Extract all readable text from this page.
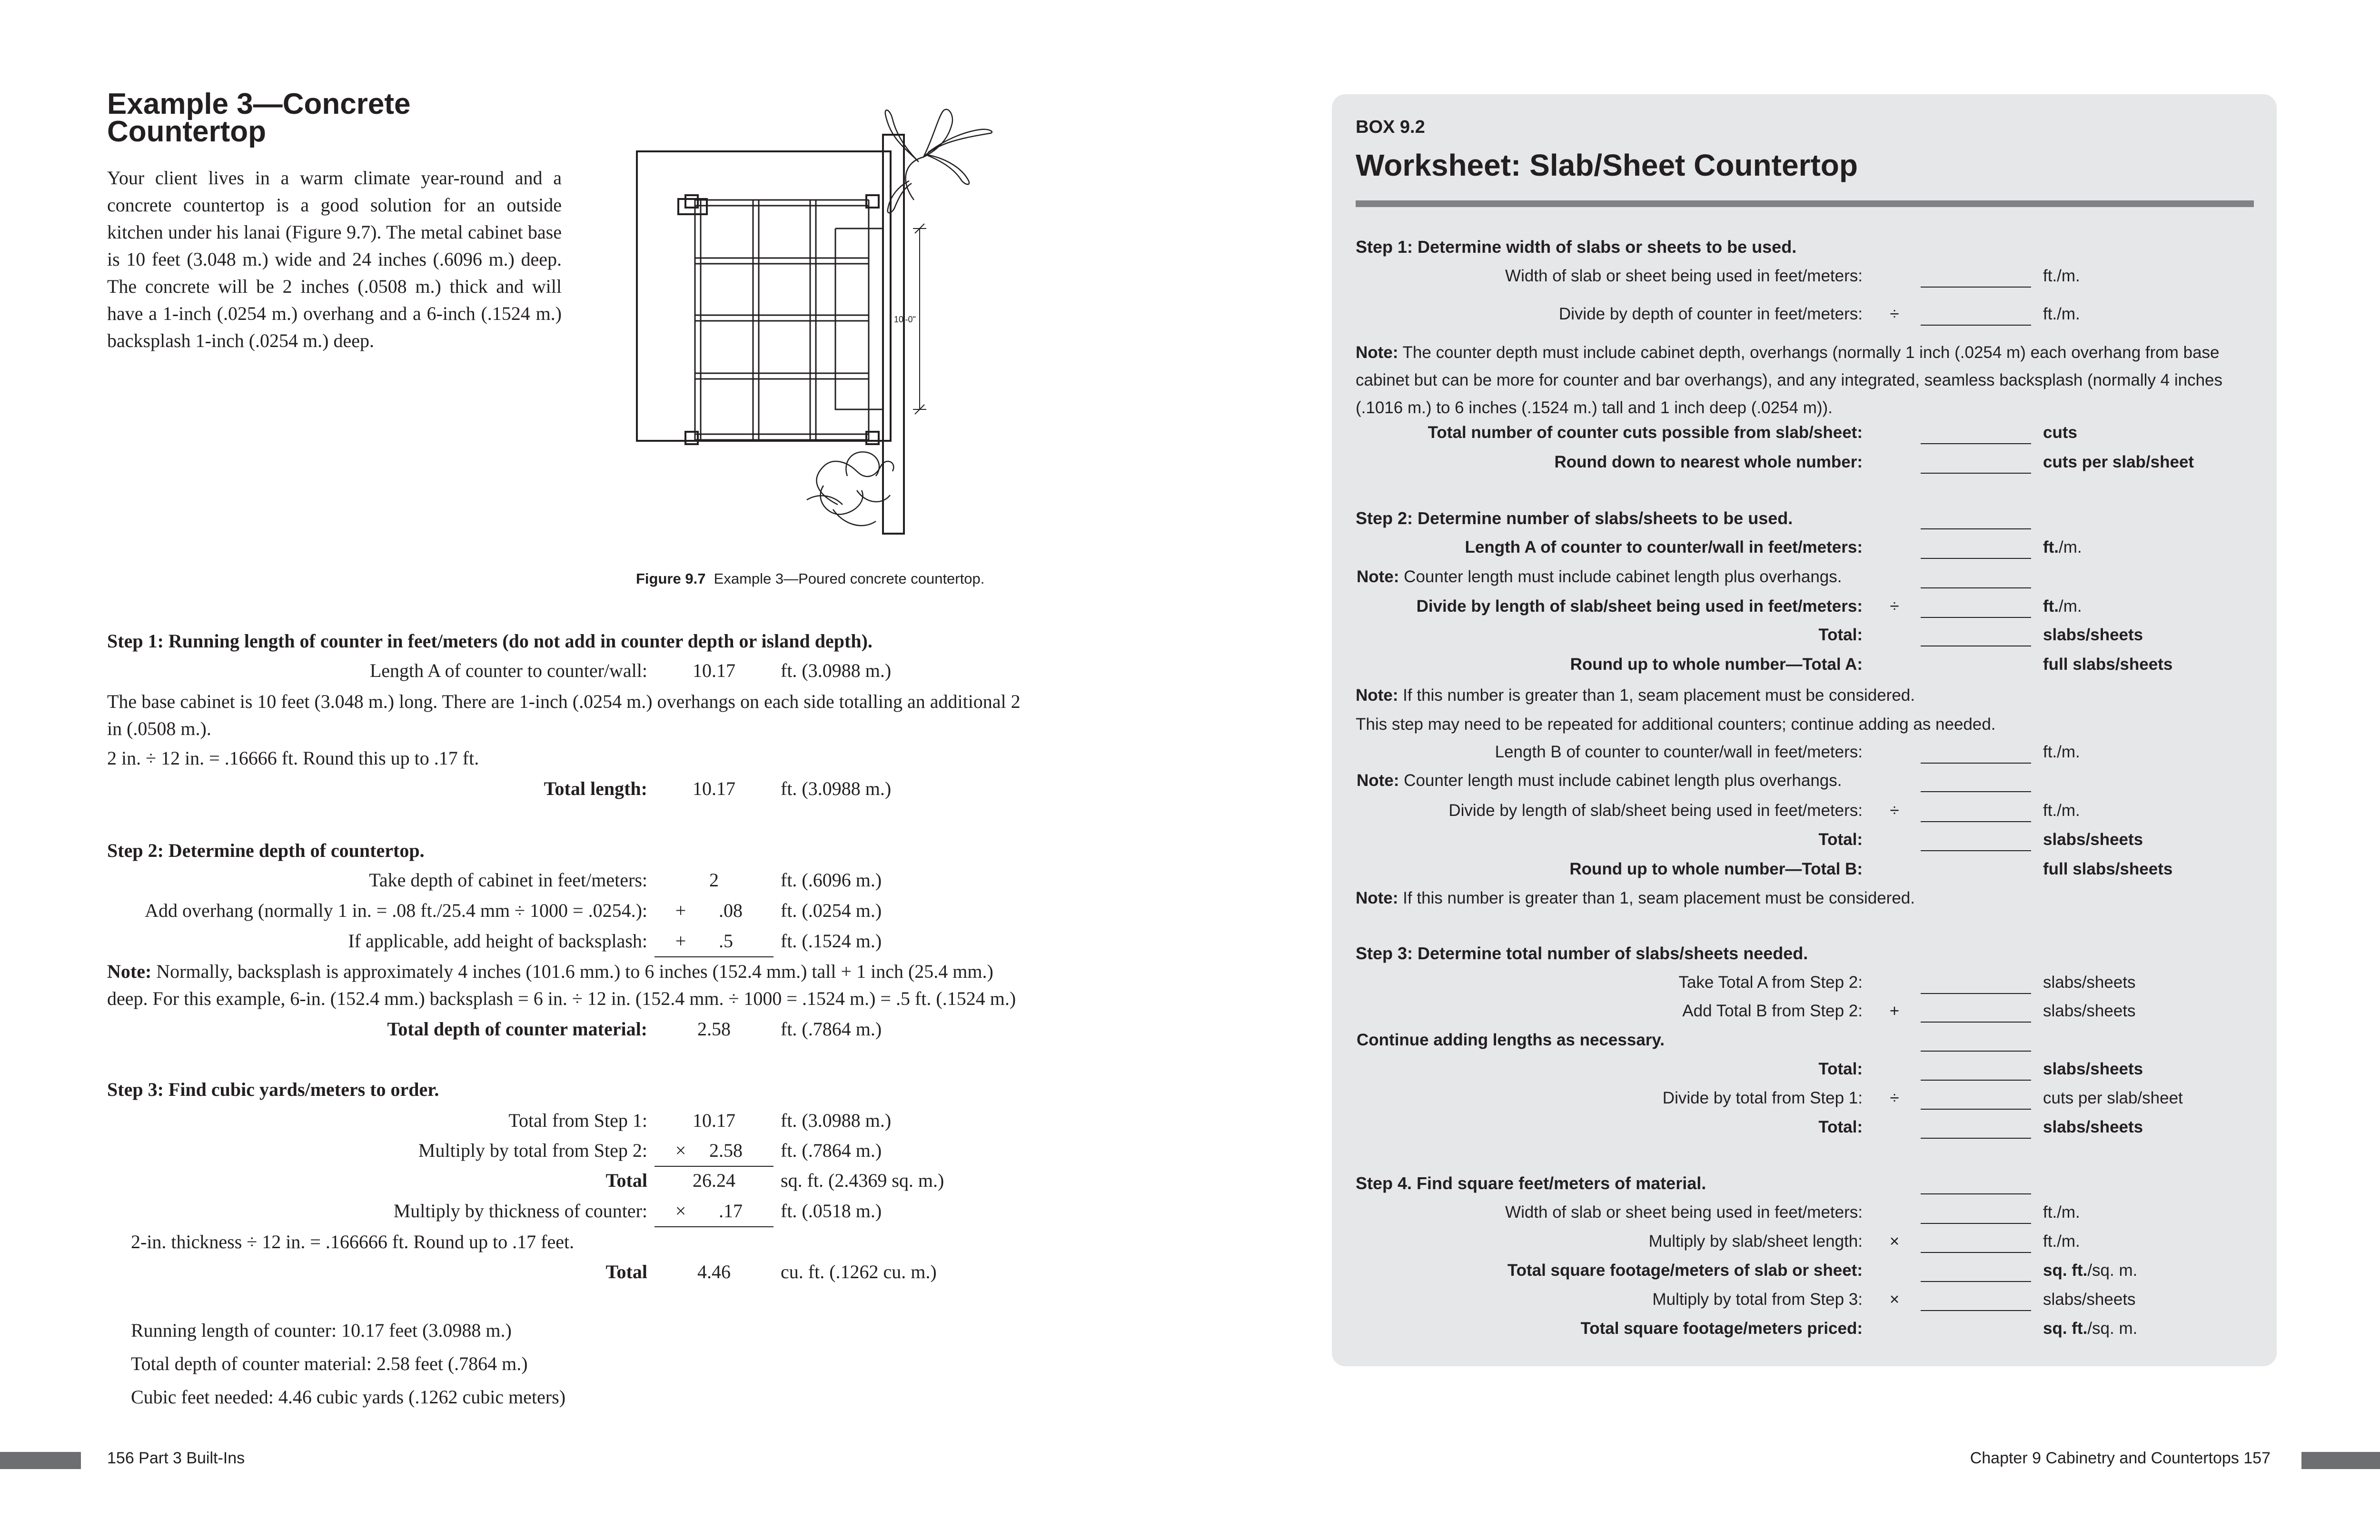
Example 3—Concrete
Countertop
Your client lives in a warm climate year-round and a concrete countertop is a good solution for an outside kitchen under his lanai (Figure 9.7). The metal cabinet base is 10 feet (3.048 m.) wide and 24 inches (.6096 m.) deep. The concrete will be 2 inches (.0508 m.) thick and will have a 1-inch (.0254 m.) overhang and a 6-inch (.1524 m.) backsplash 1-inch (.0254 m.) deep.
10'-0"
Figure 9.7 Example 3—Poured concrete countertop.
Step 1: Running length of counter in feet/meters (do not add in counter depth or island depth).
Length A of counter to counter/wall:	10.17	ft. (3.0988 m.)
The base cabinet is 10 feet (3.048 m.) long. There are 1-inch (.0254 m.) overhangs on each side totalling an additional 2 in (.0508 m.).
2 in. ÷ 12 in. = .16666 ft. Round this up to .17 ft.
Total length:	10.17	ft. (3.0988 m.)
Step 2: Determine depth of countertop.
Take depth of cabinet in feet/meters:	2	ft. (.6096 m.)
Add overhang (normally 1 in. = .08 ft./25.4 mm ÷ 1000 = .0254.):	+	.08 ft. (.0254 m.)
If applicable, add height of backsplash:	+	.5	ft. (.1524 m.)
Note: Normally, backsplash is approximately 4 inches (101.6 mm.) to 6 inches (152.4 mm.) tall + 1 inch (25.4 mm.) deep. For this example, 6-in. (152.4 mm.) backsplash = 6 in. ÷ 12 in. (152.4 mm. ÷ 1000 = .1524 m.) = .5 ft. (.1524 m.)
Total depth of counter material:	2.58	ft. (.7864 m.)
Step 3: Find cubic yards/meters to order.
Total from Step 1:	10.17	ft. (3.0988 m.)
Multiply by total from Step 2:	×	2.58 ft. (.7864 m.)
Total	26.24	sq. ft. (2.4369 sq. m.)
Multiply by thickness of counter:	×	.17 ft. (.0518 m.)
2-in. thickness ÷ 12 in. = .166666 ft. Round up to .17 feet.
Total	4.46	cu. ft. (.1262 cu. m.)
Running length of counter: 10.17 feet (3.0988 m.)
Total depth of counter material: 2.58 feet (.7864 m.)
Cubic feet needed: 4.46 cubic yards (.1262 cubic meters)
156 Part 3 Built-Ins
BOX 9.2
Worksheet: Slab/Sheet Countertop
Step 1: Determine width of slabs or sheets to be used.
Width of slab or sheet being used in feet/meters:	ft./m.
Divide by depth of counter in feet/meters: ÷	ft./m.
Note: The counter depth must include cabinet depth, overhangs (normally 1 inch (.0254 m) each overhang from base cabinet but can be more for counter and bar overhangs), and any integrated, seamless backsplash (normally 4 inches (.1016 m.) to 6 inches (.1524 m.) tall and 1 inch deep (.0254 m)).
Total number of counter cuts possible from slab/sheet:	cuts
Round down to nearest whole number:	cuts per slab/sheet
Step 2: Determine number of slabs/sheets to be used.
Length A of counter to counter/wall in feet/meters:	ft./m.
Note: Counter length must include cabinet length plus overhangs.
Divide by length of slab/sheet being used in feet/meters: ÷	ft./m.
Total:	slabs/sheets
Round up to whole number—Total A:	full slabs/sheets
Note: If this number is greater than 1, seam placement must be considered.
This step may need to be repeated for additional counters; continue adding as needed.
Length B of counter to counter/wall in feet/meters:	ft./m.
Note: Counter length must include cabinet length plus overhangs.
Divide by length of slab/sheet being used in feet/meters: ÷	ft./m.
Total:	slabs/sheets
Round up to whole number—Total B:	full slabs/sheets
Note: If this number is greater than 1, seam placement must be considered.
Step 3: Determine total number of slabs/sheets needed.
Take Total A from Step 2:	slabs/sheets
Add Total B from Step 2: +	slabs/sheets
Continue adding lengths as necessary.
Total:	slabs/sheets
Divide by total from Step 1: ÷	cuts per slab/sheet
Total:	slabs/sheets
Step 4. Find square feet/meters of material.
Width of slab or sheet being used in feet/meters:	ft./m.
Multiply by slab/sheet length: ×	ft./m.
Total square footage/meters of slab or sheet:	sq. ft./sq. m.
Multiply by total from Step 3: ×	slabs/sheets
Total square footage/meters priced:	sq. ft./sq. m.
Chapter 9 Cabinetry and Countertops 157
